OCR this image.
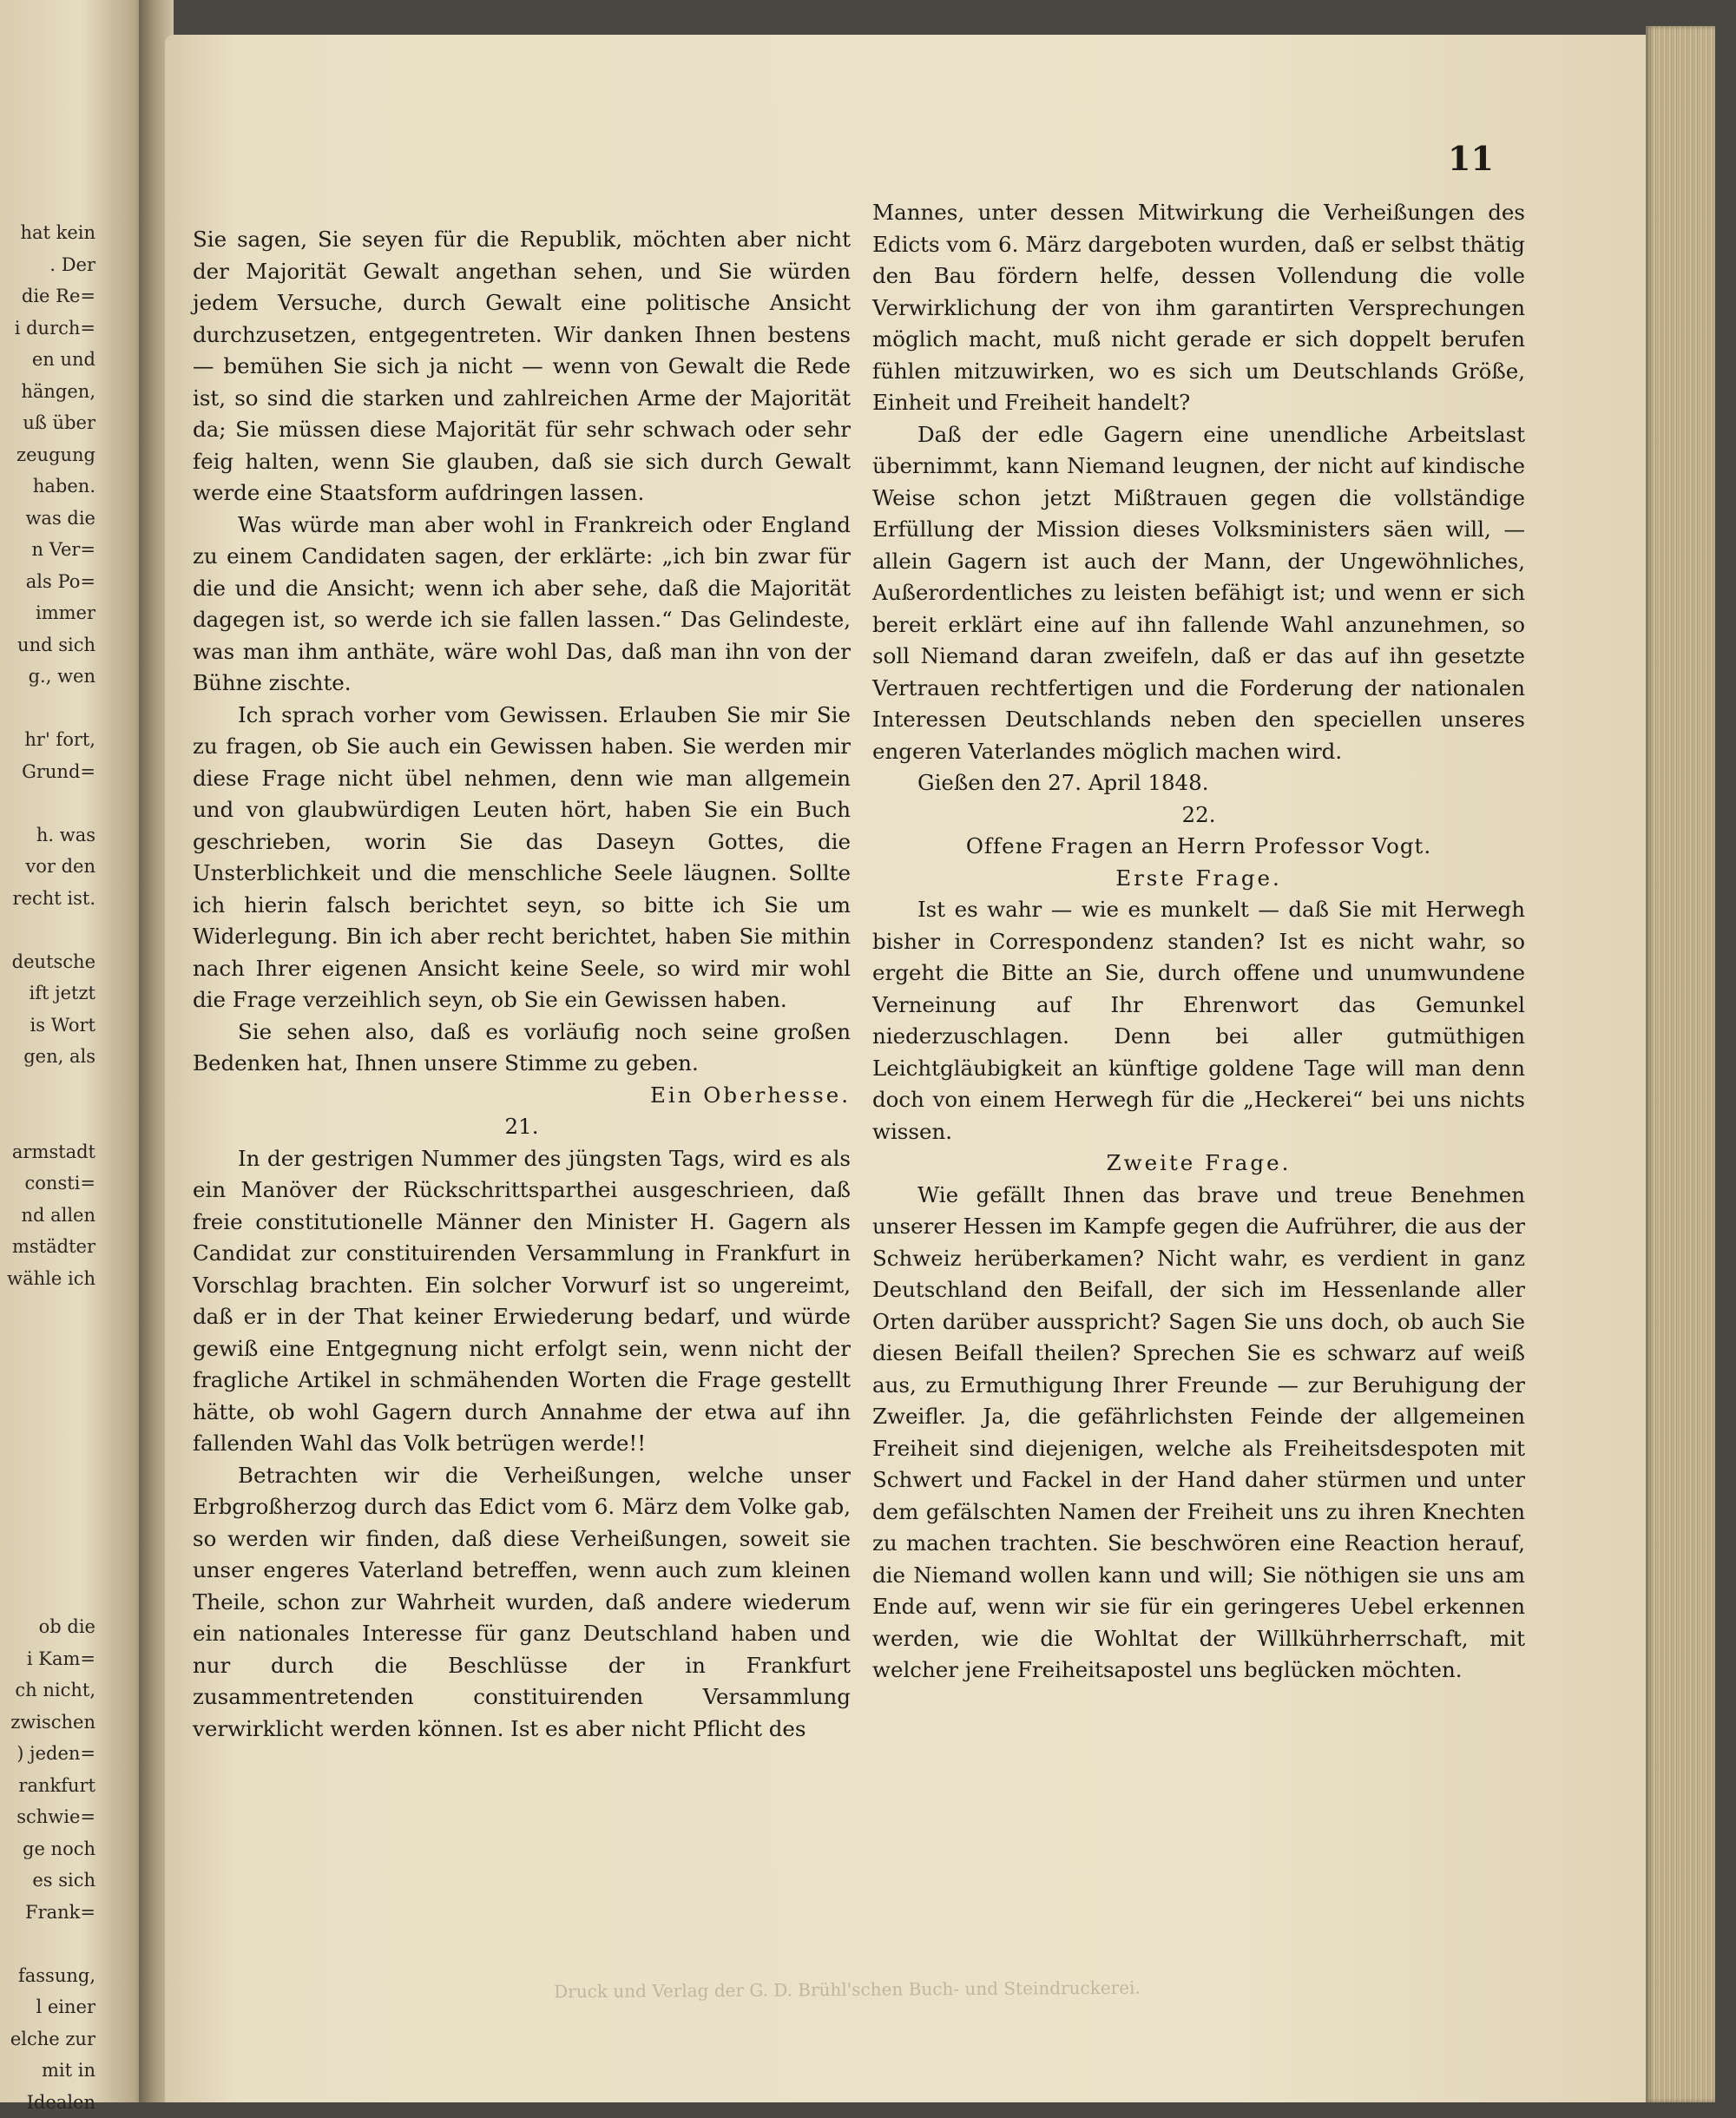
hat kein
. Der
die Re=
i durch=
en und
hängen,
uß über
zeugung
haben.
was die
n Ver=
als Po=
immer
und sich
g., wen
hr' fort,
Grund=
h. was
vor den
recht ist.
deutsche
ift jetzt
is Wort
gen, als
armstadt
consti=
nd allen
mstädter
wähle ich
ob die
i Kam=
ch nicht,
zwischen
) jeden=
rankfurt
schwie=
ge noch
es sich
Frank=
fassung,
l einer
elche zur
mit in
Idealen
11

Sie sagen, Sie seyen für die Republik, möchten aber nicht der Majorität Gewalt angethan sehen, und Sie würden jedem Versuche, durch Gewalt eine politische Ansicht durchzusetzen, entgegentreten. Wir danken Ihnen bestens — bemühen Sie sich ja nicht — wenn von Gewalt die Rede ist, so sind die starken und zahlreichen Arme der Majorität da; Sie müssen diese Majorität für sehr schwach oder sehr feig halten, wenn Sie glauben, daß sie sich durch Gewalt werde eine Staatsform aufdringen lassen.

Was würde man aber wohl in Frankreich oder England zu einem Candidaten sagen, der erklärte: „ich bin zwar für die und die Ansicht; wenn ich aber sehe, daß die Majorität dagegen ist, so werde ich sie fallen lassen.“ Das Gelindeste, was man ihm anthäte, wäre wohl Das, daß man ihn von der Bühne zischte.

Ich sprach vorher vom Gewissen. Erlauben Sie mir Sie zu fragen, ob Sie auch ein Gewissen haben. Sie werden mir diese Frage nicht übel nehmen, denn wie man allgemein und von glaubwürdigen Leuten hört, haben Sie ein Buch geschrieben, worin Sie das Daseyn Gottes, die Unsterblichkeit und die menschliche Seele läugnen. Sollte ich hierin falsch berichtet seyn, so bitte ich Sie um Widerlegung. Bin ich aber recht berichtet, haben Sie mithin nach Ihrer eigenen Ansicht keine Seele, so wird mir wohl die Frage verzeihlich seyn, ob Sie ein Gewissen haben.

Sie sehen also, daß es vorläufig noch seine großen Bedenken hat, Ihnen unsere Stimme zu geben.

Ein Oberhesse.

21.

In der gestrigen Nummer des jüngsten Tags, wird es als ein Manöver der Rückschrittsparthei ausgeschrieen, daß freie constitutionelle Männer den Minister H. Gagern als Candidat zur constituirenden Versammlung in Frankfurt in Vorschlag brachten. Ein solcher Vorwurf ist so ungereimt, daß er in der That keiner Erwiederung bedarf, und würde gewiß eine Entgegnung nicht erfolgt sein, wenn nicht der fragliche Artikel in schmähenden Worten die Frage gestellt hätte, ob wohl Gagern durch Annahme der etwa auf ihn fallenden Wahl das Volk betrügen werde!!

Betrachten wir die Verheißungen, welche unser Erbgroßherzog durch das Edict vom 6. März dem Volke gab, so werden wir finden, daß diese Verheißungen, soweit sie unser engeres Vaterland betreffen, wenn auch zum kleinen Theile, schon zur Wahrheit wurden, daß andere wiederum ein nationales Interesse für ganz Deutschland haben und nur durch die Beschlüsse der in Frankfurt zusammentretenden constituirenden Versammlung verwirklicht werden können. Ist es aber nicht Pflicht des

Mannes, unter dessen Mitwirkung die Verheißungen des Edicts vom 6. März dargeboten wurden, daß er selbst thätig den Bau fördern helfe, dessen Vollendung die volle Verwirklichung der von ihm garantirten Versprechungen möglich macht, muß nicht gerade er sich doppelt berufen fühlen mitzuwirken, wo es sich um Deutschlands Größe, Einheit und Freiheit handelt?

Daß der edle Gagern eine unendliche Arbeitslast übernimmt, kann Niemand leugnen, der nicht auf kindische Weise schon jetzt Mißtrauen gegen die vollständige Erfüllung der Mission dieses Volksministers säen will, — allein Gagern ist auch der Mann, der Ungewöhnliches, Außerordentliches zu leisten befähigt ist; und wenn er sich bereit erklärt eine auf ihn fallende Wahl anzunehmen, so soll Niemand daran zweifeln, daß er das auf ihn gesetzte Vertrauen rechtfertigen und die Forderung der nationalen Interessen Deutschlands neben den speciellen unseres engeren Vaterlandes möglich machen wird.

Gießen den 27. April 1848.

22.

Offene Fragen an Herrn Professor Vogt.

Erste Frage.

Ist es wahr — wie es munkelt — daß Sie mit Herwegh bisher in Correspondenz standen? Ist es nicht wahr, so ergeht die Bitte an Sie, durch offene und unumwundene Verneinung auf Ihr Ehrenwort das Gemunkel niederzuschlagen. Denn bei aller gutmüthigen Leichtgläubigkeit an künftige goldene Tage will man denn doch von einem Herwegh für die „Heckerei“ bei uns nichts wissen.

Zweite Frage.

Wie gefällt Ihnen das brave und treue Benehmen unserer Hessen im Kampfe gegen die Aufrührer, die aus der Schweiz herüberkamen? Nicht wahr, es verdient in ganz Deutschland den Beifall, der sich im Hessenlande aller Orten darüber ausspricht? Sagen Sie uns doch, ob auch Sie diesen Beifall theilen? Sprechen Sie es schwarz auf weiß aus, zu Ermuthigung Ihrer Freunde — zur Beruhigung der Zweifler. Ja, die gefährlichsten Feinde der allgemeinen Freiheit sind diejenigen, welche als Freiheitsdespoten mit Schwert und Fackel in der Hand daher stürmen und unter dem gefälschten Namen der Freiheit uns zu ihren Knechten zu machen trachten. Sie beschwören eine Reaction herauf, die Niemand wollen kann und will; Sie nöthigen sie uns am Ende auf, wenn wir sie für ein geringeres Uebel erkennen werden, wie die Wohltat der Willkührherrschaft, mit welcher jene Freiheitsapostel uns beglücken möchten.

Druck und Verlag der G. D. Brühl'schen Buch- und Steindruckerei.
